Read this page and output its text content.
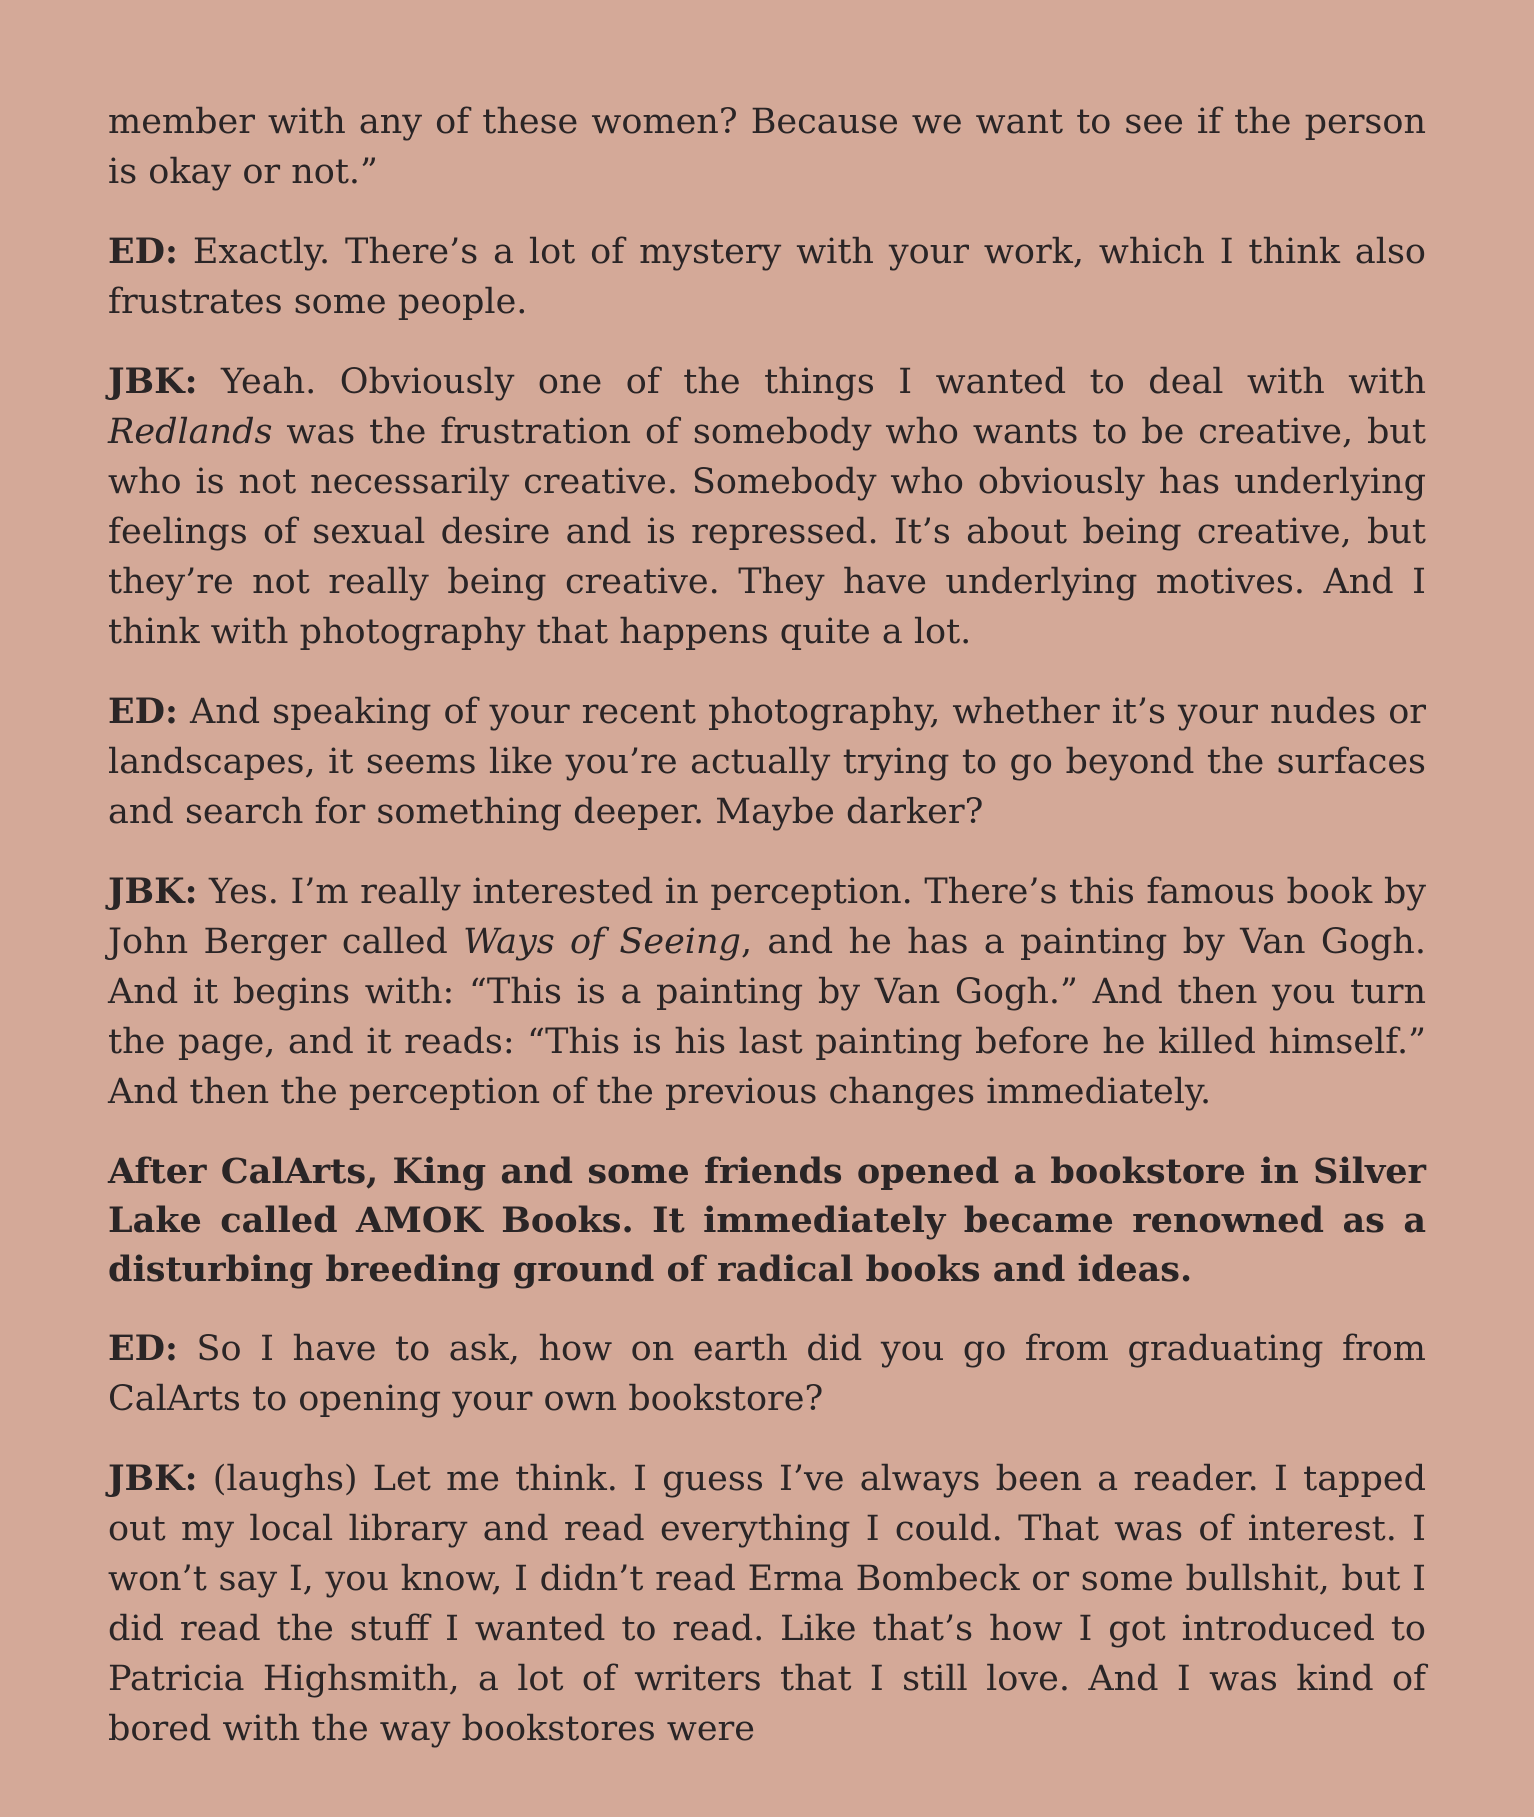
member with any of these women? Because we want to see if the person is okay or not.”

ED: Exactly. There’s a lot of mystery with your work, which I think also frustrates some people.

JBK: Yeah. Obviously one of the things I wanted to deal with with Redlands was the frustration of somebody who wants to be creative, but who is not necessarily creative. Somebody who obviously has underlying feelings of sexual desire and is repressed. It’s about being creative, but they’re not really being creative. They have underlying motives. And I think with photography that happens quite a lot.

ED: And speaking of your recent photography, whether it’s your nudes or landscapes, it seems like you’re actually trying to go beyond the surfaces and search for something deeper. Maybe darker?

JBK: Yes. I’m really interested in perception. There’s this famous book by John Berger called Ways of Seeing, and he has a painting by Van Gogh. And it begins with: “This is a painting by Van Gogh.” And then you turn the page, and it reads: “This is his last painting before he killed himself.” And then the perception of the previous changes immediately.

After CalArts, King and some friends opened a bookstore in Silver Lake called AMOK Books. It immediately became renowned as a disturbing breeding ground of radical books and ideas.

ED: So I have to ask, how on earth did you go from graduating from CalArts to opening your own bookstore?

JBK: (laughs) Let me think. I guess I’ve always been a reader. I tapped out my local library and read everything I could. That was of interest. I won’t say I, you know, I didn’t read Erma Bombeck or some bullshit, but I did read the stuff I wanted to read. Like that’s how I got introduced to Patricia Highsmith, a lot of writers that I still love. And I was kind of bored with the way bookstores were
